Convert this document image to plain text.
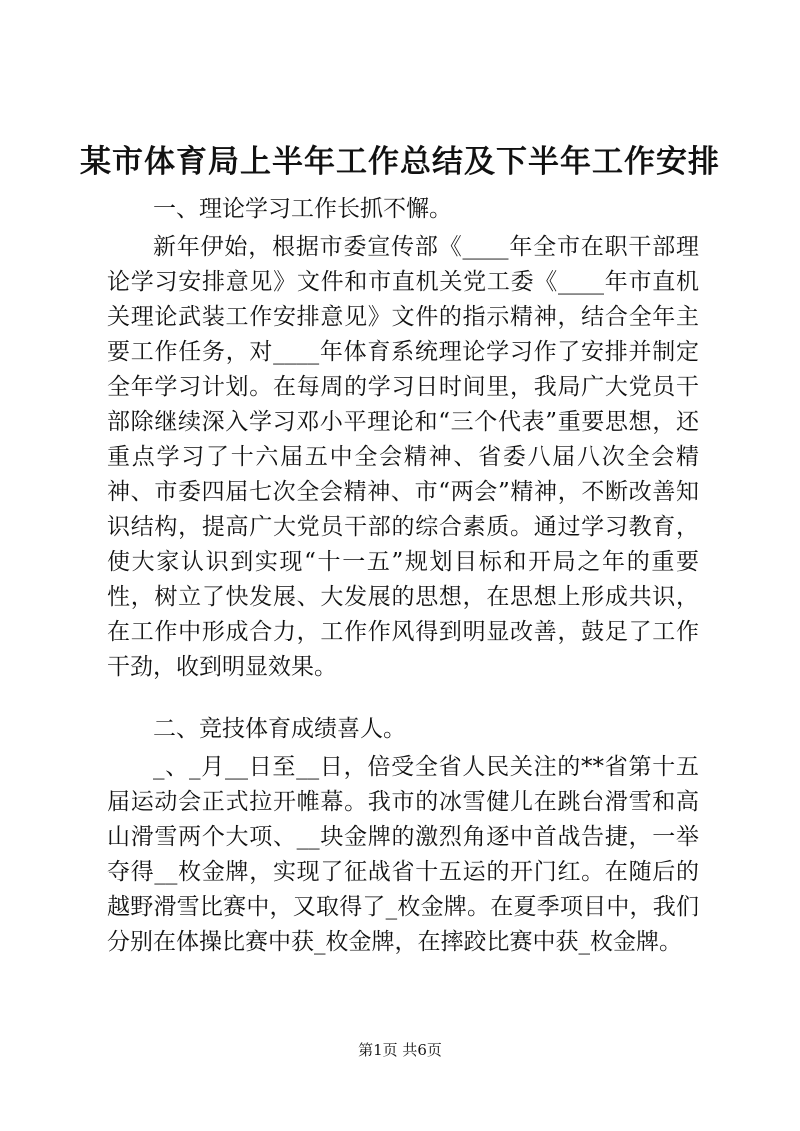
某市体育局上半年工作总结及下半年工作安排
一、理论学习工作长抓不懈。

新年伊始，根据市委宣传部《____年全市在职干部理论学习安排意见》文件和市直机关党工委《____年市直机关理论武装工作安排意见》文件的指示精神，结合全年主要工作任务，对____年体育系统理论学习作了安排并制定全年学习计划。在每周的学习日时间里，我局广大党员干部除继续深入学习邓小平理论和“三个代表”重要思想，还重点学习了十六届五中全会精神、省委八届八次全会精神、市委四届七次全会精神、市“两会”精神，不断改善知识结构，提高广大党员干部的综合素质。通过学习教育，使大家认识到实现“十一五”规划目标和开局之年的重要性，树立了快发展、大发展的思想，在思想上形成共识，在工作中形成合力，工作作风得到明显改善，鼓足了工作干劲，收到明显效果。

二、竞技体育成绩喜人。

_、_月__日至__日，倍受全省人民关注的**省第十五届运动会正式拉开帷幕。我市的冰雪健儿在跳台滑雪和高山滑雪两个大项、__块金牌的激烈角逐中首战告捷，一举夺得__枚金牌，实现了征战省十五运的开门红。在随后的越野滑雪比赛中，又取得了_枚金牌。在夏季项目中，我们分别在体操比赛中获_枚金牌，在摔跤比赛中获_枚金牌。

第1页 共6页
